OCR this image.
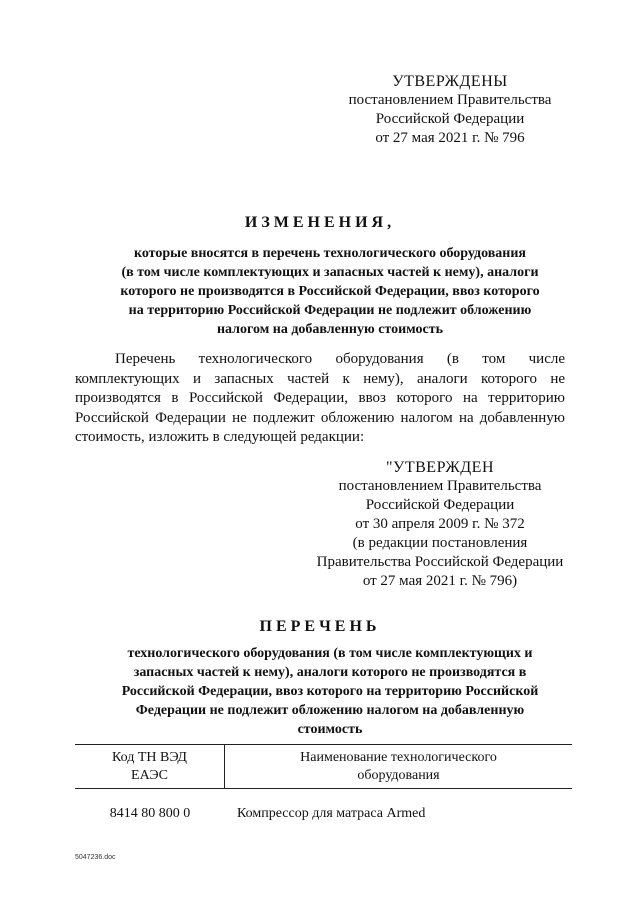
УТВЕРЖДЕНЫ
постановлением Правительства
Российской Федерации
от 27 мая 2021 г. № 796
ИЗМЕНЕНИЯ,
которые вносятся в перечень технологического оборудования
(в том числе комплектующих и запасных частей к нему), аналоги
которого не производятся в Российской Федерации, ввоз которого
на территорию Российской Федерации не подлежит обложению
налогом на добавленную стоимость
Перечень технологического оборудования (в том числе комплектующих и запасных частей к нему), аналоги которого не производятся в Российской Федерации, ввоз которого на территорию Российской Федерации не подлежит обложению налогом на добавленную стоимость, изложить в следующей редакции:
"УТВЕРЖДЕН
постановлением Правительства
Российской Федерации
от 30 апреля 2009 г. № 372
(в редакции постановления
Правительства Российской Федерации
от 27 мая 2021 г. № 796)
ПЕРЕЧЕНЬ
технологического оборудования (в том числе комплектующих и
запасных частей к нему), аналоги которого не производятся в
Российской Федерации, ввоз которого на территорию Российской
Федерации не подлежит обложению налогом на добавленную
стоимость
Код ТН ВЭД
ЕАЭС
Наименование технологического
оборудования
8414 80 800 0	Компрессор для матраса Armed
5047236.doc
